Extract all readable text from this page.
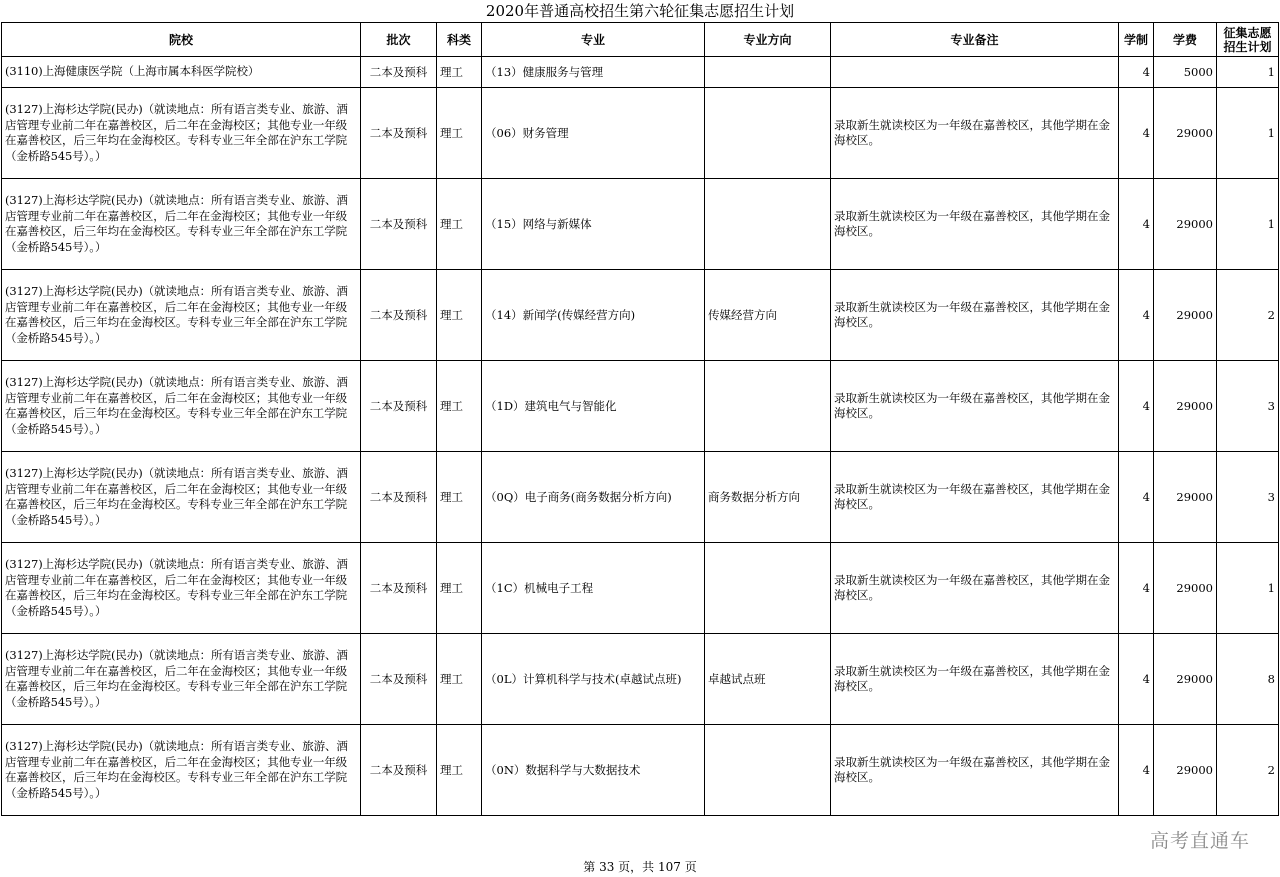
2020年普通高校招生第六轮征集志愿招生计划
院校	批次	科类	专业	专业方向	专业备注	学制	学费	征集志愿招生计划
(3110)上海健康医学院（上海市属本科医学院校）	二本及预科	理工	（13）健康服务与管理			4	5000	1
(3127)上海杉达学院(民办)（就读地点：所有语言类专业、旅游、酒店管理专业前二年在嘉善校区，后二年在金海校区；其他专业一年级在嘉善校区，后三年均在金海校区。专科专业三年全部在沪东工学院（金桥路545号）。）	二本及预科	理工	（06）财务管理		录取新生就读校区为一年级在嘉善校区，其他学期在金海校区。	4	29000	1
(3127)上海杉达学院(民办)（就读地点：所有语言类专业、旅游、酒店管理专业前二年在嘉善校区，后二年在金海校区；其他专业一年级在嘉善校区，后三年均在金海校区。专科专业三年全部在沪东工学院（金桥路545号）。）	二本及预科	理工	（15）网络与新媒体		录取新生就读校区为一年级在嘉善校区，其他学期在金海校区。	4	29000	1
(3127)上海杉达学院(民办)（就读地点：所有语言类专业、旅游、酒店管理专业前二年在嘉善校区，后二年在金海校区；其他专业一年级在嘉善校区，后三年均在金海校区。专科专业三年全部在沪东工学院（金桥路545号）。）	二本及预科	理工	（14）新闻学(传媒经营方向)	传媒经营方向	录取新生就读校区为一年级在嘉善校区，其他学期在金海校区。	4	29000	2
(3127)上海杉达学院(民办)（就读地点：所有语言类专业、旅游、酒店管理专业前二年在嘉善校区，后二年在金海校区；其他专业一年级在嘉善校区，后三年均在金海校区。专科专业三年全部在沪东工学院（金桥路545号）。）	二本及预科	理工	（1D）建筑电气与智能化		录取新生就读校区为一年级在嘉善校区，其他学期在金海校区。	4	29000	3
(3127)上海杉达学院(民办)（就读地点：所有语言类专业、旅游、酒店管理专业前二年在嘉善校区，后二年在金海校区；其他专业一年级在嘉善校区，后三年均在金海校区。专科专业三年全部在沪东工学院（金桥路545号）。）	二本及预科	理工	（0Q）电子商务(商务数据分析方向)	商务数据分析方向	录取新生就读校区为一年级在嘉善校区，其他学期在金海校区。	4	29000	3
(3127)上海杉达学院(民办)（就读地点：所有语言类专业、旅游、酒店管理专业前二年在嘉善校区，后二年在金海校区；其他专业一年级在嘉善校区，后三年均在金海校区。专科专业三年全部在沪东工学院（金桥路545号）。）	二本及预科	理工	（1C）机械电子工程		录取新生就读校区为一年级在嘉善校区，其他学期在金海校区。	4	29000	1
(3127)上海杉达学院(民办)（就读地点：所有语言类专业、旅游、酒店管理专业前二年在嘉善校区，后二年在金海校区；其他专业一年级在嘉善校区，后三年均在金海校区。专科专业三年全部在沪东工学院（金桥路545号）。）	二本及预科	理工	（0L）计算机科学与技术(卓越试点班)	卓越试点班	录取新生就读校区为一年级在嘉善校区，其他学期在金海校区。	4	29000	8
(3127)上海杉达学院(民办)（就读地点：所有语言类专业、旅游、酒店管理专业前二年在嘉善校区，后二年在金海校区；其他专业一年级在嘉善校区，后三年均在金海校区。专科专业三年全部在沪东工学院（金桥路545号）。）	二本及预科	理工	（0N）数据科学与大数据技术		录取新生就读校区为一年级在嘉善校区，其他学期在金海校区。	4	29000	2
高考直通车
第 33 页，共 107 页
